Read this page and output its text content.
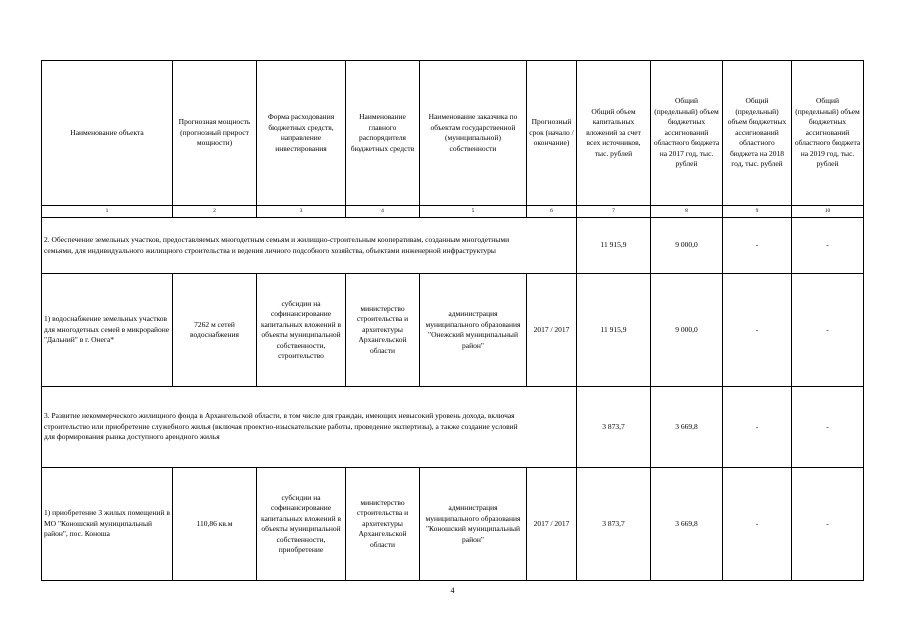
Наименование объекта	Прогнозная мощность (прогнозный прирост мощности)	Форма расходования бюджетных средств, направление инвестирования	Наименование главного распорядителя бюджетных средств	Наименование заказчика по объектам государственной (муниципальной) собственности	Прогнозный срок (начало / окончание)	Общий объем капитальных вложений за счет всех источников, тыс. рублей	Общий (предельный) объем бюджетных ассигнований областного бюджета на 2017 год, тыс. рублей	Общий (предельный) объем бюджетных ассигнований областного бюджета на 2018 год, тыс. рублей	Общий (предельный) объем бюджетных ассигнований областного бюджета на 2019 год, тыс. рублей
1	2	3	4	5	6	7	8	9	10
2. Обеспечение земельных участков, предоставляемых многодетным семьям и жилищно-строительным кооперативам, созданным многодетными семьями, для индивидуального жилищного строительства и ведения личного подсобного хозяйства, объектами инженерной инфраструктуры						11 915,9	9 000,0	-	-
1) водоснабжение земельных участков для многодетных семей в микрорайоне "Дальний" в г. Онега*	7262 м сетей водоснабжения	субсидии на софинансирование капитальных вложений в объекты муниципальной собственности, строительство	министерство строительства и архитектуры Архангельской области	администрация муниципального образования "Онежский муниципальный район"	2017 / 2017	11 915,9	9 000,0	-	-
3. Развитие некоммерческого жилищного фонда в Архангельской области, в том числе для граждан, имеющих невысокий уровень дохода, включая строительство или приобретение служебного жилья (включая проектно-изыскательские работы, проведение экспертизы), а также создание условий для формирования рынка доступного арендного жилья						3 873,7	3 669,8	-	-
1) приобретение 3 жилых помещений в МО "Коношский муниципальный район", пос. Коноша	110,86 кв.м	субсидии на софинансирование капитальных вложений в объекты муниципальной собственности, приобретение	министерство строительства и архитектуры Архангельской области	администрация муниципального образования "Коношский муниципальный район"	2017 / 2017	3 873,7	3 669,8	-	-
4
